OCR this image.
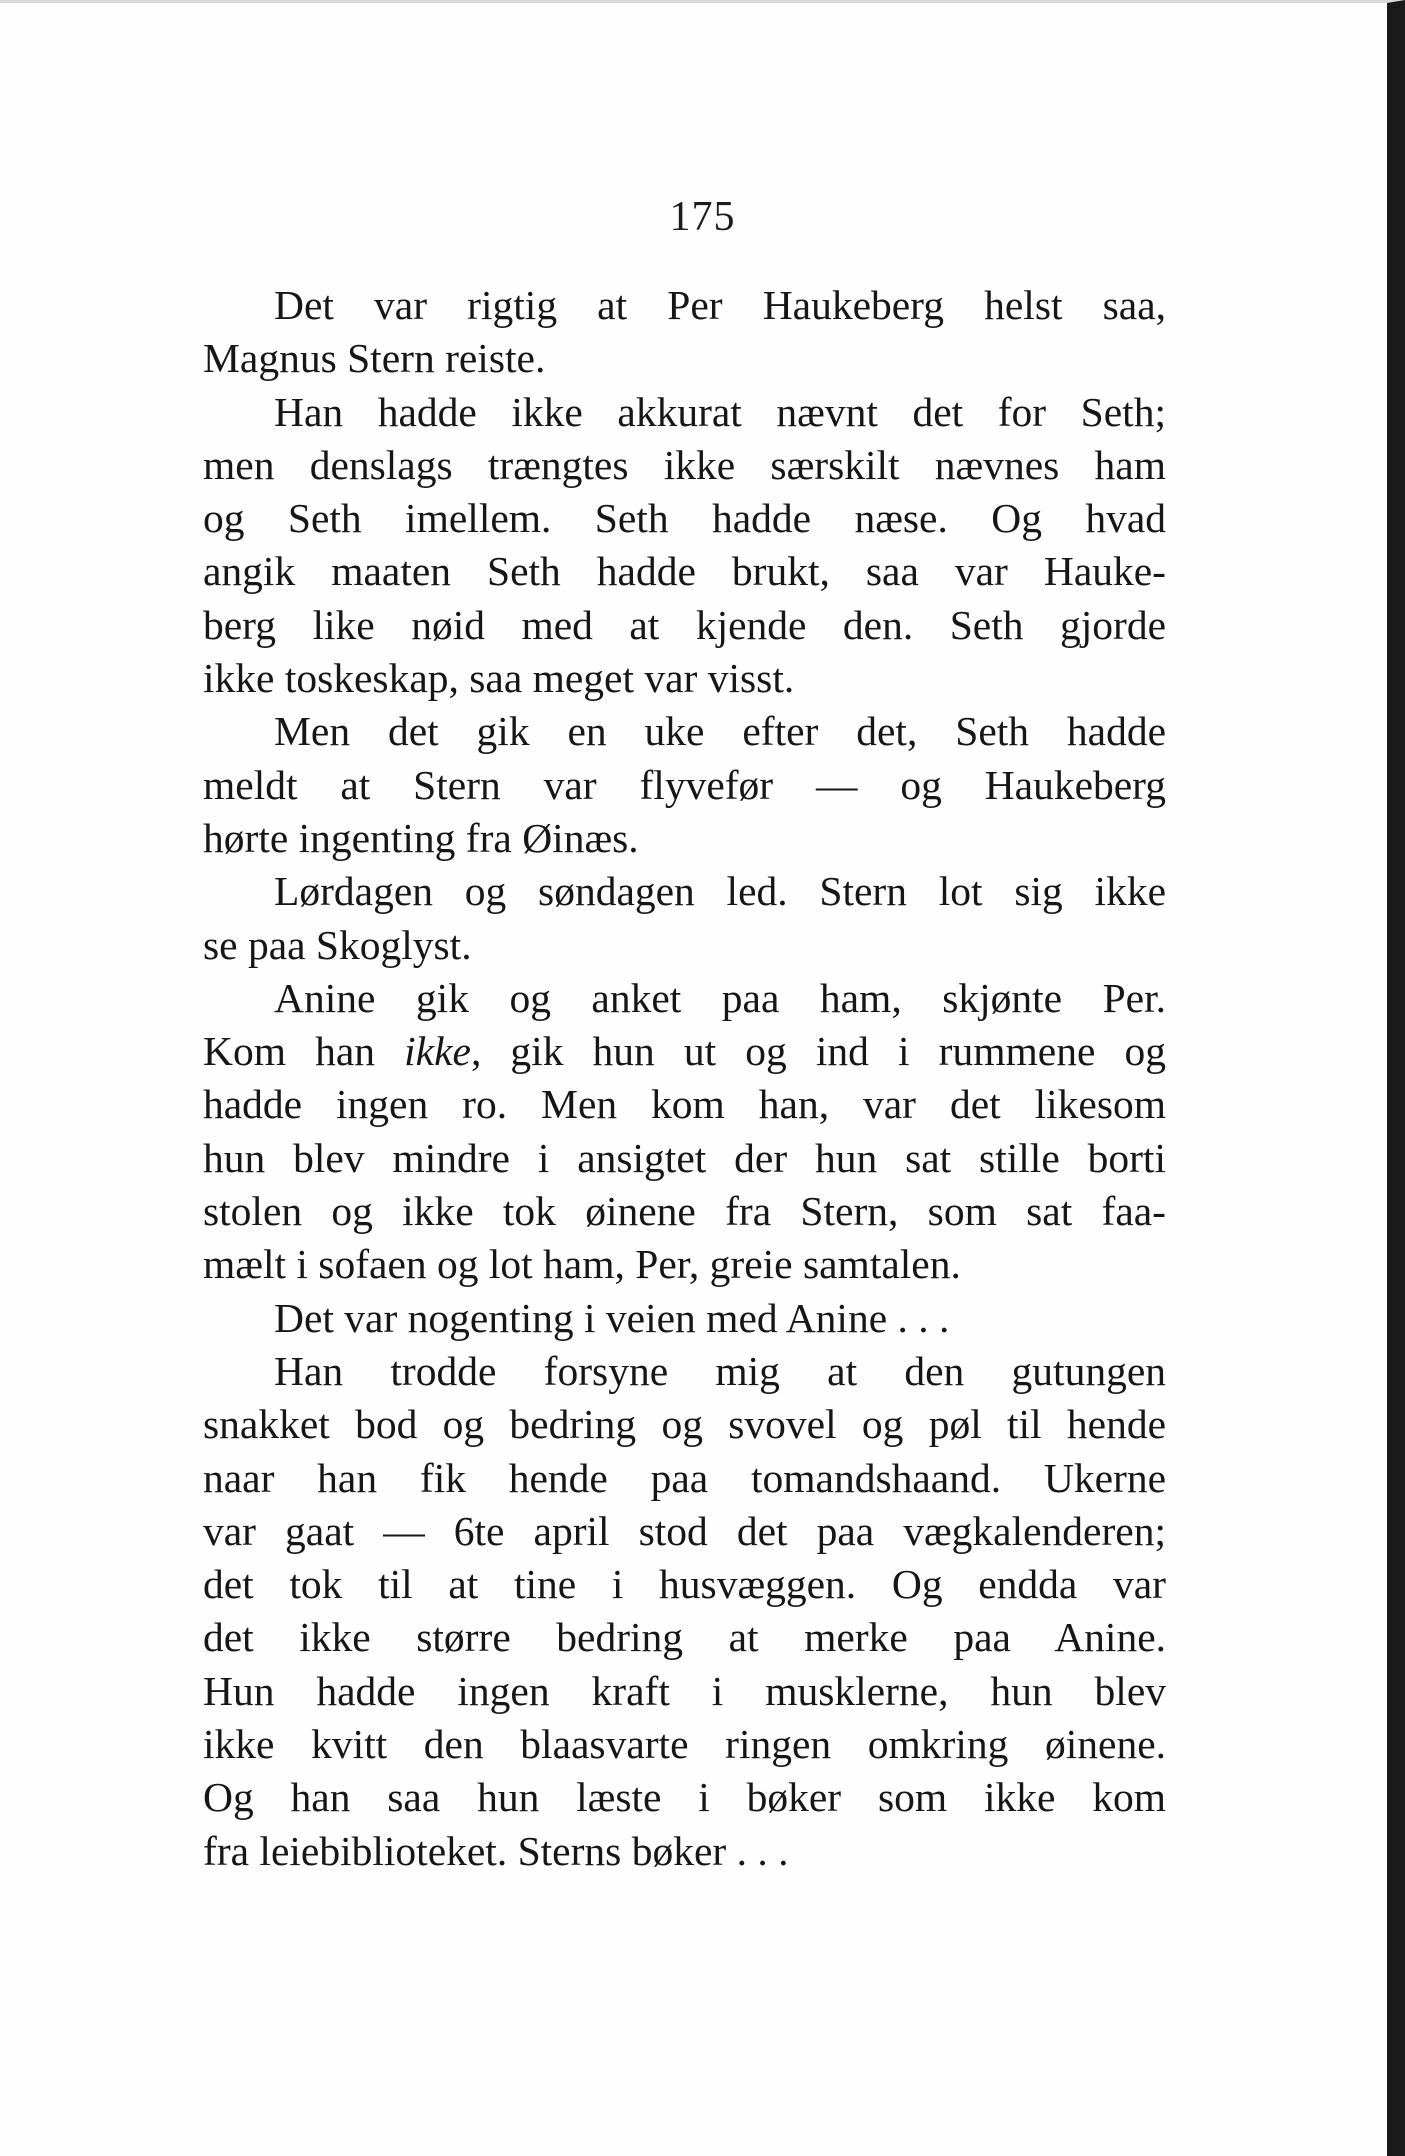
175

Det var rigtig at Per Haukeberg helst saa,
Magnus Stern reiste.

Han hadde ikke akkurat nævnt det for Seth;
men denslags trængtes ikke særskilt nævnes ham
og Seth imellem. Seth hadde næse. Og hvad
angik maaten Seth hadde brukt, saa var Hauke-
berg like nøid med at kjende den. Seth gjorde
ikke toskeskap, saa meget var visst.

Men det gik en uke efter det, Seth hadde
meldt at Stern var flyvefør — og Haukeberg
hørte ingenting fra Øinæs.

Lørdagen og søndagen led. Stern lot sig ikke
se paa Skoglyst.

Anine gik og anket paa ham, skjønte Per.
Kom han ikke, gik hun ut og ind i rummene og
hadde ingen ro. Men kom han, var det likesom
hun blev mindre i ansigtet der hun sat stille borti
stolen og ikke tok øinene fra Stern, som sat faa-
mælt i sofaen og lot ham, Per, greie samtalen.

Det var nogenting i veien med Anine . . .

Han trodde forsyne mig at den gutungen
snakket bod og bedring og svovel og pøl til hende
naar han fik hende paa tomandshaand. Ukerne
var gaat — 6te april stod det paa vægkalenderen;
det tok til at tine i husvæggen. Og endda var
det ikke større bedring at merke paa Anine.
Hun hadde ingen kraft i musklerne, hun blev
ikke kvitt den blaasvarte ringen omkring øinene.
Og han saa hun læste i bøker som ikke kom
fra leiebiblioteket. Sterns bøker . . .
